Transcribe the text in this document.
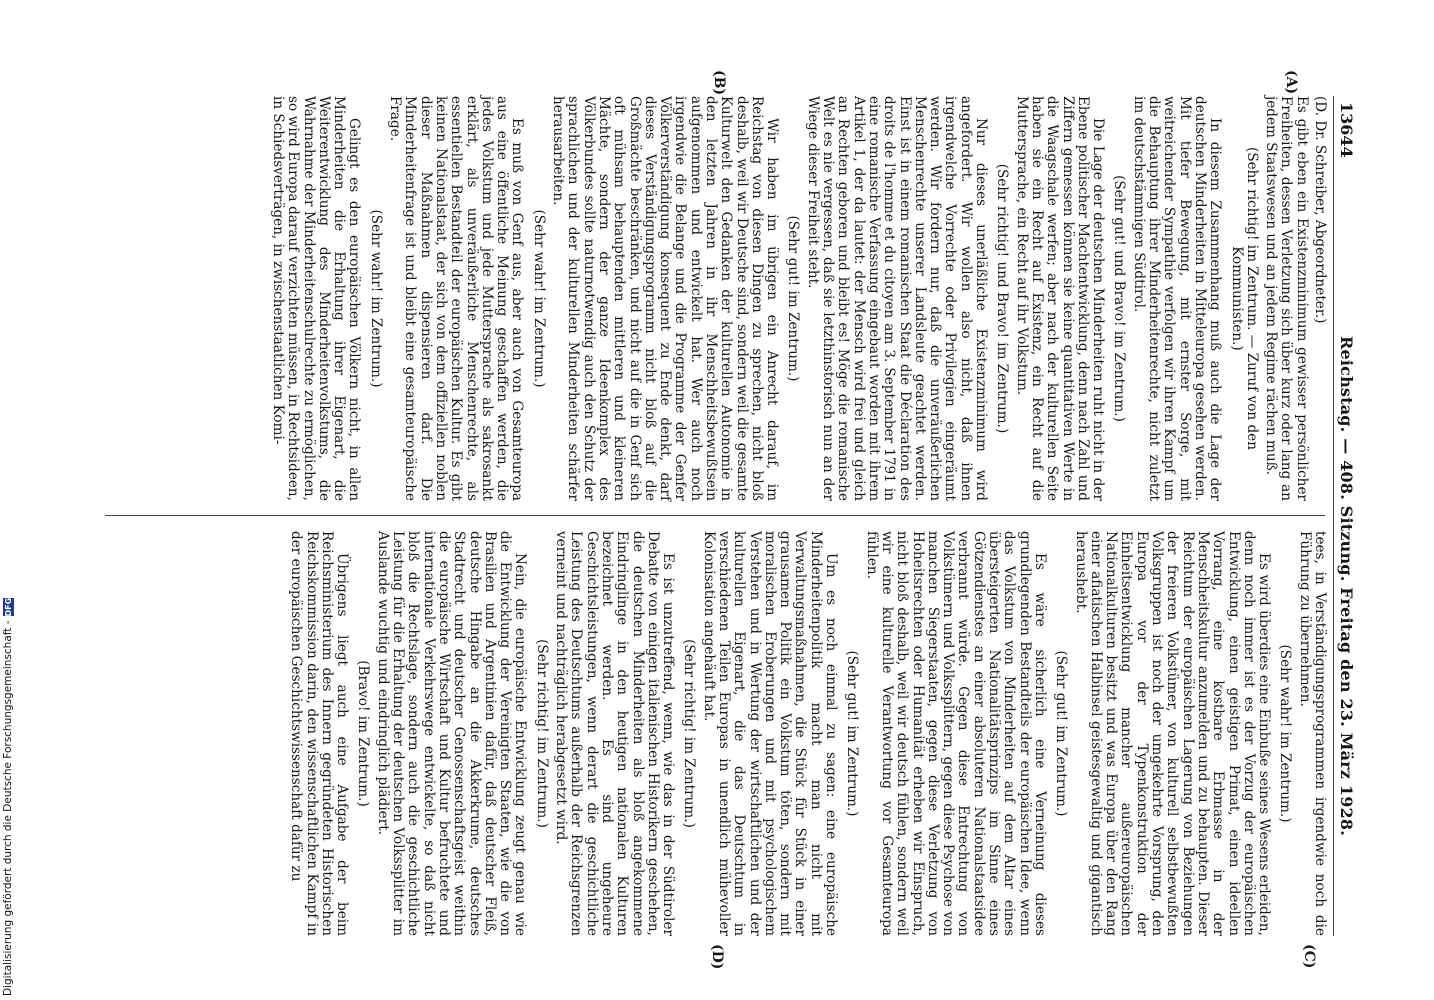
13644
Reichstag. — 408. Sitzung. Freitag den 23. März 1928.
(A)
(B)
(C)
(D)

(D. Dr. Schreiber, Abgeordneter.)

Es gibt eben ein Existenzminimum gewisser persönlicher Freiheiten, dessen Verletzung sich über kurz oder lang an jedem Staatswesen und an jedem Regime rächen muß.

(Sehr richtig! im Zentrum. — Zuruf von den Kommunisten.)

In diesem Zusammenhang muß auch die Lage der deutschen Minderheiten in Mitteleuropa gesehen werden. Mit tiefer Bewegung, mit ernster Sorge, mit weitreichender Sympathie verfolgen wir ihren Kampf um die Behauptung ihrer Minderheitenrechte, nicht zuletzt im deutschstämmigen Südtirol.

(Sehr gut! und Bravo! im Zentrum.)

Die Lage der deutschen Minderheiten ruht nicht in der Ebene politischer Machtentwicklung, denn nach Zahl und Ziffern gemessen können sie keine quantitativen Werte in die Waagschale werfen; aber nach der kulturellen Seite haben sie ein Recht auf Existenz, ein Recht auf die Muttersprache, ein Recht auf ihr Volkstum.

(Sehr richtig! und Bravo! im Zentrum.)

Nur dieses unerläßliche Existenzminimum wird angefordert. Wir wollen also nicht, daß ihnen irgendwelche Vorrechte oder Privilegien eingeräumt werden. Wir fordern nur, daß die unveräußerlichen Menschenrechte unserer Landsleute geachtet werden. Einst ist in einem romanischen Staat die Déclaration des droits de l'homme et du citoyen am 3. September 1791 in eine romanische Verfassung eingebaut worden mit ihrem Artikel 1, der da lautet: der Mensch wird frei und gleich an Rechten geboren und bleibt es! Möge die romanische Welt es nie vergessen, daß sie letzthinstorisch nun an der Wiege dieser Freiheit steht.

(Sehr gut! im Zentrum.)

Wir haben im übrigen ein Anrecht darauf, im Reichstag von diesen Dingen zu sprechen, nicht bloß deshalb, weil wir Deutsche sind, sondern weil die gesamte Kulturwelt den Gedanken der kulturellen Autonomie in den letzten Jahren in ihr Menschheitsbewußtsein aufgenommen und entwickelt hat. Wer auch noch irgendwie die Belange und die Programme der Genfer Völkerverständigung konsequent zu Ende denkt, darf dieses Verständigungsprogramm nicht bloß auf die Großmächte beschränken, und nicht auf die in Genf sich oft mühsam behauptenden mittleren und kleineren Mächte, sondern der ganze Ideenkomplex des Völkerbundes sollte naturnotwendig auch den Schutz der sprachlichen und der kulturellen Minderheiten schärfer herausarbeiten.

(Sehr wahr! im Zentrum.)

Es muß von Genf aus, aber auch von Gesamteuropa aus eine öffentliche Meinung geschaffen werden, die jedes Volkstum und jede Muttersprache als sakrosankt erklärt, als unveräußerliche Menschenrechte, als essentiellen Bestandteil der europäischen Kultur. Es gibt keinen Nationalstaat, der sich von dem offiziellen noblen dieser Maßnahmen dispensieren darf. Die Minderheitenfrage ist und bleibt eine gesamteuropäische Frage.

(Sehr wahr! im Zentrum.)

Gelingt es den europäischen Völkern nicht, in allen Minderheiten die Erhaltung ihrer Eigenart, die Weiterentwicklung des Minderheitenvolkstums, die Wahrnahme der Minderheitenschulrechte zu ermöglichen, so wird Europa darauf verzichten müssen, in Rechtsideen, in Schiedsverträgen, in zwischenstaatlichen Komi-

tees, in Verständigungsprogrammen irgendwie noch die Führung zu übernehmen.

(Sehr wahr! im Zentrum.)

Es wird überdies eine Einbuße seines Wesens erleiden, denn noch immer ist es der Vorzug der europäischen Entwicklung, einen geistigen Primat, einen ideellen Vorrang, eine kostbare Erbmasse in der Menschheitskultur anzumelden und zu behaupten. Dieser Reichtum der europäischen Lagerung von Beziehungen der freieren Volkstümer, von kulturell selbstbewußten Volksgruppen ist noch der umgekehrte Vorsprung, den Europa vor der Typenkonstruktion der Einheitsentwicklung mancher außereuropäischen Nationalkulturen besitzt und was Europa über den Rang einer afiatischen Halbinsel geistesgewaltig und gigantisch heraushebt.

(Sehr gut! im Zentrum.)

Es wäre sicherlich eine Verneinung dieses grundlegenden Bestandteils der europäischen Idee, wenn das Volkstum von Minderheiten auf dem Altar eines übersteigerten Nationalitätsprinzips im Sinne eines Götzendienstes an einer absoluteren Nationalstaatsidee verbrannt würde. Gegen diese Entrechtung von Volkstümern und Volkssplittern, gegen diese Psychose von manchen Siegerstaaten, gegen diese Verletzung von Hoheitsrechten oder Humanität erheben wir Einspruch, nicht bloß deshalb, weil wir deutsch fühlen, sondern weil wir eine kulturelle Verantwortung vor Gesamteuropa fühlen.

(Sehr gut! im Zentrum.)

Um es noch einmal zu sagen: eine europäische Minderheitenpolitik macht man nicht mit Verwaltungsmaßnahmen, die Stück für Stück in einer grausamen Politik ein Volkstum töten, sondern mit moralischen Eroberungen und mit psychologischem Verstehen und in Wertung der wirtschaftlichen und der kulturellen Eigenart, die das Deutschtum in verschiedenen Teilen Europas in unendlich mühevoller Kolonisation angehäuft hat.

(Sehr richtig! im Zentrum.)

Es ist unzutreffend, wenn, wie das in der Südtiroler Debatte von einigen italienischen Historikern geschehen, die deutschen Minderheiten als bloß angekommene Eindringlinge in den heutigen nationalen Kulturen bezeichnet werden. Es sind ungeheure Geschichtsleistungen, wenn derart die geschichtliche Leistung des Deutschtums außerhalb der Reichsgrenzen verneint und nachträglich herabgesetzt wird.

(Sehr richtig! im Zentrum.)

Nein, die europäische Entwicklung zeugt genau wie die Entwicklung der Vereinigten Staaten, wie die von Brasilien und Argentinien dafür, daß deutscher Fleiß, deutsche Hingabe an die Akkerkrume, deutsches Stadtrecht und deutscher Genossenschaftsgeist weithin die europäische Wirtschaft und Kultur befruchtete und internationale Verkehrswege entwickelte, so daß nicht bloß die Rechtslage, sondern auch die geschichtliche Leistung für die Erhaltung der deutschen Volkssplitter im Auslande wuchtig und eindringlich plädiert.

(Bravo! im Zentrum.)

Übrigens liegt auch eine Aufgabe der beim Reichsministerium des Innern gegründeten Historischen Reichskommission darin, den wissenschaftlichen Kampf in der europäischen Geschichtswissenschaft dafür zu

Digitalisierung gefördert durch die Deutsche Forschungsgemeinschaft -
DFG
